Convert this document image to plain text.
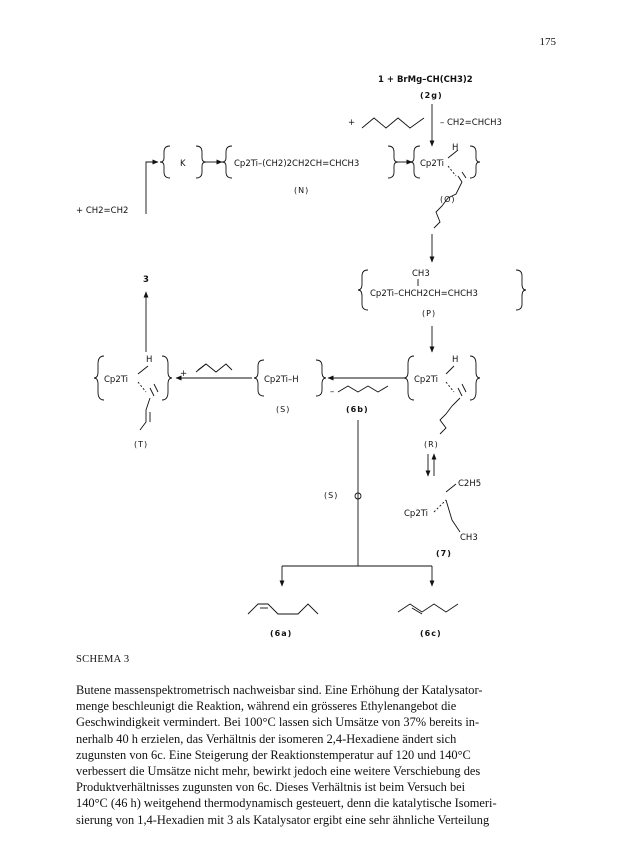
175
1 + BrMg–CH(CH3)2
(2g)
+	– CH2=CHCH3
K	Cp2Ti–(CH2)2CH2CH=CHCH3
(N)
Cp2Ti
H
(O)
+ CH2=CH2
3
CH3
Cp2Ti–CHCH2CH=CHCH3
(P)
Cp2Ti
H
(T)
+
Cp2Ti–H
(S)
–
(6b)
Cp2Ti
H
(R)
C2H5
Cp2Ti
CH3
(7)
(S)
(6a)	(6c)
SCHEMA 3

Butene massenspektrometrisch nachweisbar sind. Eine Erhöhung der Katalysator-

menge beschleunigt die Reaktion, während ein grösseres Ethylenangebot die

Geschwindigkeit vermindert. Bei 100°C lassen sich Umsätze von 37% bereits in-

nerhalb 40 h erzielen, das Verhältnis der isomeren 2,4-Hexadiene ändert sich

zugunsten von 6c. Eine Steigerung der Reaktionstemperatur auf 120 und 140°C

verbessert die Umsätze nicht mehr, bewirkt jedoch eine weitere Verschiebung des

Produktverhältnisses zugunsten von 6c. Dieses Verhältnis ist beim Versuch bei

140°C (46 h) weitgehend thermodynamisch gesteuert, denn die katalytische Isomeri-

sierung von 1,4-Hexadien mit 3 als Katalysator ergibt eine sehr ähnliche Verteilung
